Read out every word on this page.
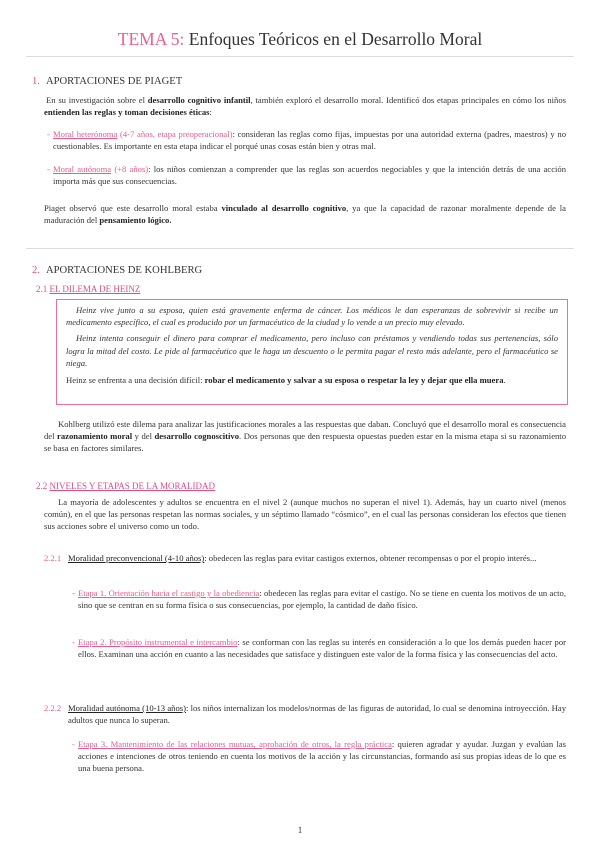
TEMA 5: Enfoques Teóricos en el Desarrollo Moral
1. APORTACIONES DE PIAGET

En su investigación sobre el desarrollo cognitivo infantil, también exploró el desarrollo moral. Identificó dos etapas principales en cómo los niños entienden las reglas y toman decisiones éticas:

- Moral heterónoma (4-7 años, etapa preoperacional): consideran las reglas como fijas, impuestas por una autoridad externa (padres, maestros) y no cuestionables. Es importante en esta etapa indicar el porqué unas cosas están bien y otras mal.

- Moral autónoma (+8 años): los niños comienzan a comprender que las reglas son acuerdos negociables y que la intención detrás de una acción importa más que sus consecuencias.

Piaget observó que este desarrollo moral estaba vinculado al desarrollo cognitivo, ya que la capacidad de razonar moralmente depende de la maduración del pensamiento lógico.

2. APORTACIONES DE KOHLBERG
2.1 EL DILEMA DE HEINZ

Heinz vive junto a su esposa, quien está gravemente enferma de cáncer. Los médicos le dan esperanzas de sobrevivir si recibe un medicamento específico, el cual es producido por un farmacéutico de la ciudad y lo vende a un precio muy elevado.

Heinz intenta conseguir el dinero para comprar el medicamento, pero incluso con préstamos y vendiendo todas sus pertenencias, sólo logra la mitad del costo. Le pide al farmacéutico que le haga un descuento o le permita pagar el resto más adelante, pero el farmacéutico se niega.

Heinz se enfrenta a una decisión difícil: robar el medicamento y salvar a su esposa o respetar la ley y dejar que ella muera.

Kohlberg utilizó este dilema para analizar las justificaciones morales a las respuestas que daban. Concluyó que el desarrollo moral es consecuencia del razonamiento moral y del desarrollo cognoscitivo. Dos personas que den respuesta opuestas pueden estar en la misma etapa si su razonamiento se basa en factores similares.

2.2 NIVELES Y ETAPAS DE LA MORALIDAD

La mayoría de adolescentes y adultos se encuentra en el nivel 2 (aunque muchos no superan el nivel 1). Además, hay un cuarto nivel (menos común), en el que las personas respetan las normas sociales, y un séptimo llamado “cósmico”, en el cual las personas consideran los efectos que tienen sus acciones sobre el universo como un todo.

2.2.1 Moralidad preconvencional (4-10 años): obedecen las reglas para evitar castigos externos, obtener recompensas o por el propio interés...

- Etapa 1. Orientación hacia el castigo y la obediencia: obedecen las reglas para evitar el castigo. No se tiene en cuenta los motivos de un acto, sino que se centran en su forma física o sus consecuencias, por ejemplo, la cantidad de daño físico.

- Etapa 2. Propósito instrumental e intercambio: se conforman con las reglas su interés en consideración a lo que los demás pueden hacer por ellos. Examinan una acción en cuanto a las necesidades que satisface y distinguen este valor de la forma física y las consecuencias del acto.

2.2.2 Moralidad autónoma (10-13 años): los niños internalizan los modelos/normas de las figuras de autoridad, lo cual se denomina introyección. Hay adultos que nunca lo superan.

- Etapa 3. Mantenimiento de las relaciones mutuas, aprobación de otros, la regla práctica: quieren agradar y ayudar. Juzgan y evalúan las acciones e intenciones de otros teniendo en cuenta los motivos de la acción y las circunstancias, formando así sus propias ideas de lo que es una buena persona.

1
